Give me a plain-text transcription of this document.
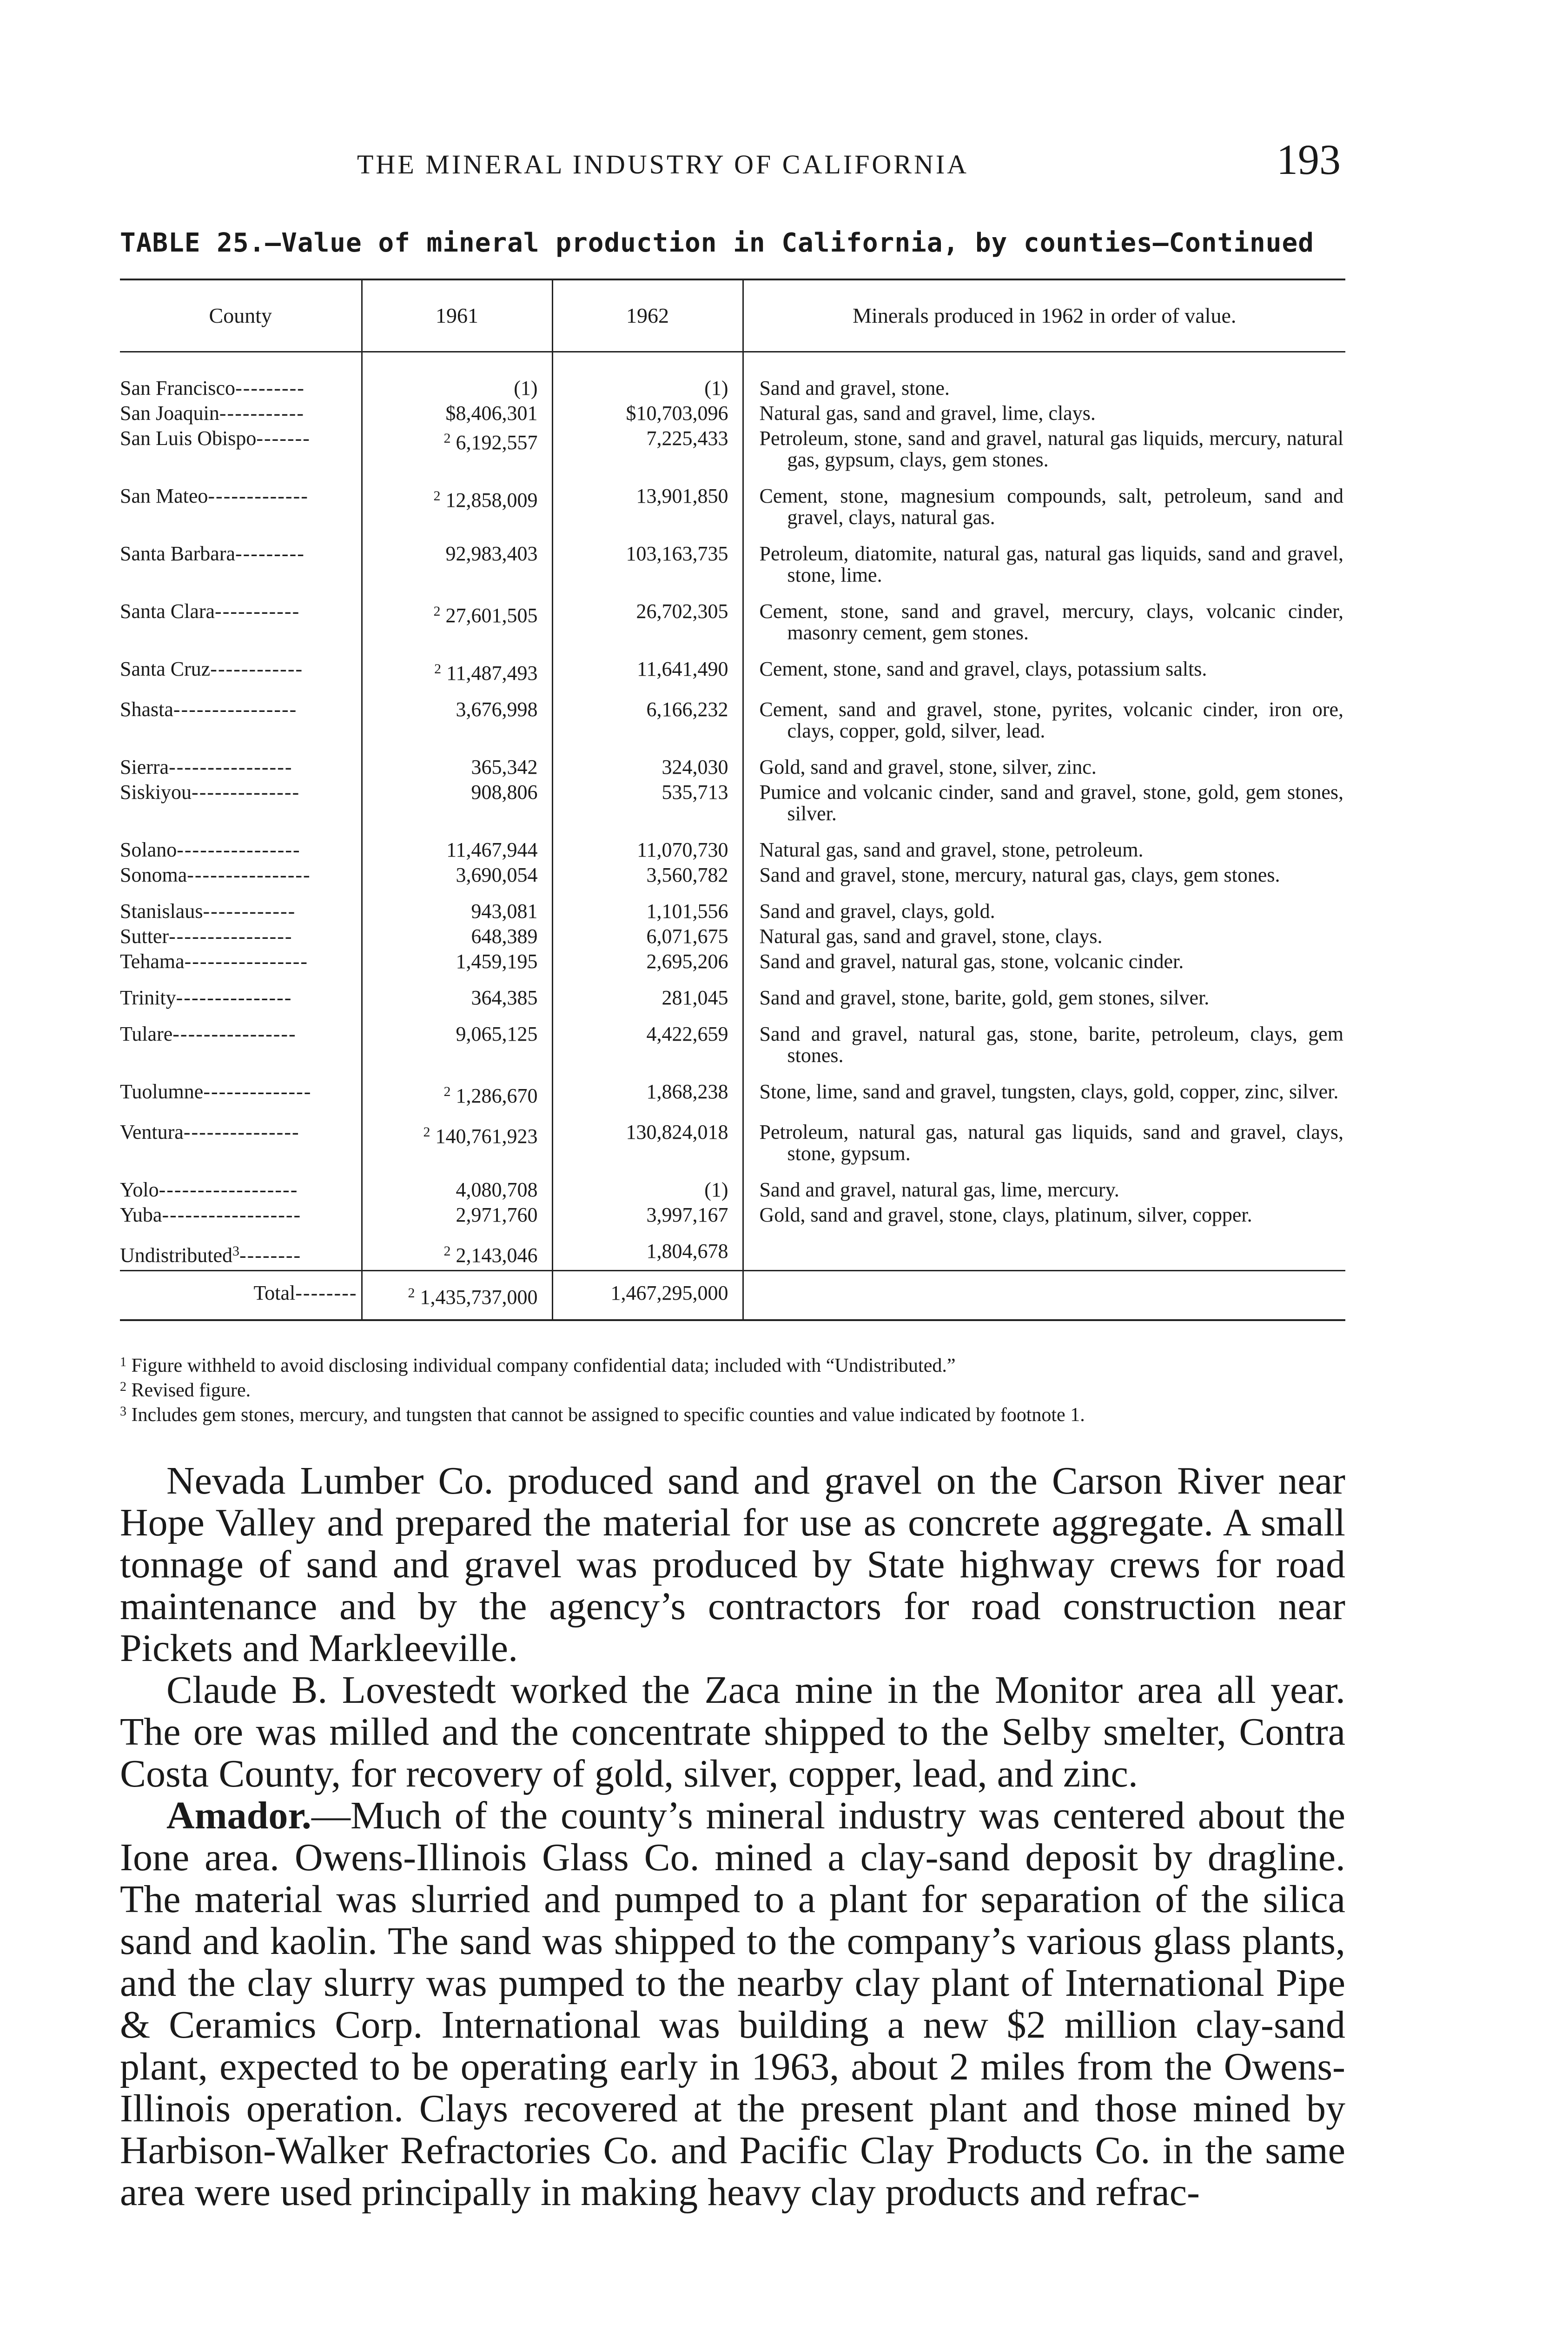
THE MINERAL INDUSTRY OF CALIFORNIA	193
TABLE 25.—Value of mineral production in California, by counties—Continued
County	1961	1962	Minerals produced in 1962 in order of value.
San Francisco---------	(1)	(1)	Sand and gravel, stone.

San Joaquin-----------	$8,406,301	$10,703,096	Natural gas, sand and gravel, lime, clays.

San Luis Obispo-------	$^2$ 6,192,557	7,225,433	Petroleum, stone, sand and gravel, natural gas liquids, mercury, natural gas, gypsum, clays, gem stones.

San Mateo-------------	$^2$ 12,858,009	13,901,850	Cement, stone, magnesium compounds, salt, petroleum, sand and gravel, clays, natural gas.

Santa Barbara---------	92,983,403	103,163,735	Petroleum, diatomite, natural gas, natural gas liquids, sand and gravel, stone, lime.

Santa Clara-----------	$^2$ 27,601,505	26,702,305	Cement, stone, sand and gravel, mercury, clays, volcanic cinder, masonry cement, gem stones.

Santa Cruz------------	$^2$ 11,487,493	11,641,490	Cement, stone, sand and gravel, clays, potassium salts.

Shasta----------------	3,676,998	6,166,232	Cement, sand and gravel, stone, pyrites, volcanic cinder, iron ore, clays, copper, gold, silver, lead.

Sierra----------------	365,342	324,030	Gold, sand and gravel, stone, silver, zinc.

Siskiyou--------------	908,806	535,713	Pumice and volcanic cinder, sand and gravel, stone, gold, gem stones, silver.

Solano----------------	11,467,944	11,070,730	Natural gas, sand and gravel, stone, petroleum.

Sonoma----------------	3,690,054	3,560,782	Sand and gravel, stone, mercury, natural gas, clays, gem stones.

Stanislaus------------	943,081	1,101,556	Sand and gravel, clays, gold.

Sutter----------------	648,389	6,071,675	Natural gas, sand and gravel, stone, clays.

Tehama----------------	1,459,195	2,695,206	Sand and gravel, natural gas, stone, volcanic cinder.

Trinity---------------	364,385	281,045	Sand and gravel, stone, barite, gold, gem stones, silver.

Tulare----------------	9,065,125	4,422,659	Sand and gravel, natural gas, stone, barite, petroleum, clays, gem stones.

Tuolumne--------------	$^2$ 1,286,670	1,868,238	Stone, lime, sand and gravel, tungsten, clays, gold, copper, zinc, silver.

Ventura---------------	$^2$ 140,761,923	130,824,018	Petroleum, natural gas, natural gas liquids, sand and gravel, clays, stone, gypsum.

Yolo------------------	4,080,708	(1)	Sand and gravel, natural gas, lime, mercury.

Yuba------------------	2,971,760	3,997,167	Gold, sand and gravel, stone, clays, platinum, silver, copper.

Undistributed$^3$--------	$^2$ 2,143,046	1,804,678	

Total--------	$^2$ 1,435,737,000	1,467,295,000	

$^1$ Figure withheld to avoid disclosing individual company confidential data; included with “Undistributed.”

$^2$ Revised figure.

$^3$ Includes gem stones, mercury, and tungsten that cannot be assigned to specific counties and value indicated by footnote 1.

Nevada Lumber Co. produced sand and gravel on the Carson River near Hope Valley and prepared the material for use as concrete aggregate. A small tonnage of sand and gravel was produced by State highway crews for road maintenance and by the agency’s contractors for road construction near Pickets and Markleeville.

Claude B. Lovestedt worked the Zaca mine in the Monitor area all year. The ore was milled and the concentrate shipped to the Selby smelter, Contra Costa County, for recovery of gold, silver, copper, lead, and zinc.

Amador.—Much of the county’s mineral industry was centered about the Ione area. Owens-Illinois Glass Co. mined a clay-sand deposit by dragline. The material was slurried and pumped to a plant for separation of the silica sand and kaolin. The sand was shipped to the company’s various glass plants, and the clay slurry was pumped to the nearby clay plant of International Pipe & Ceramics Corp. International was building a new $2 million clay-sand plant, expected to be operating early in 1963, about 2 miles from the Owens-Illinois operation. Clays recovered at the present plant and those mined by Harbison-Walker Refractories Co. and Pacific Clay Products Co. in the same area were used principally in making heavy clay products and refrac-
